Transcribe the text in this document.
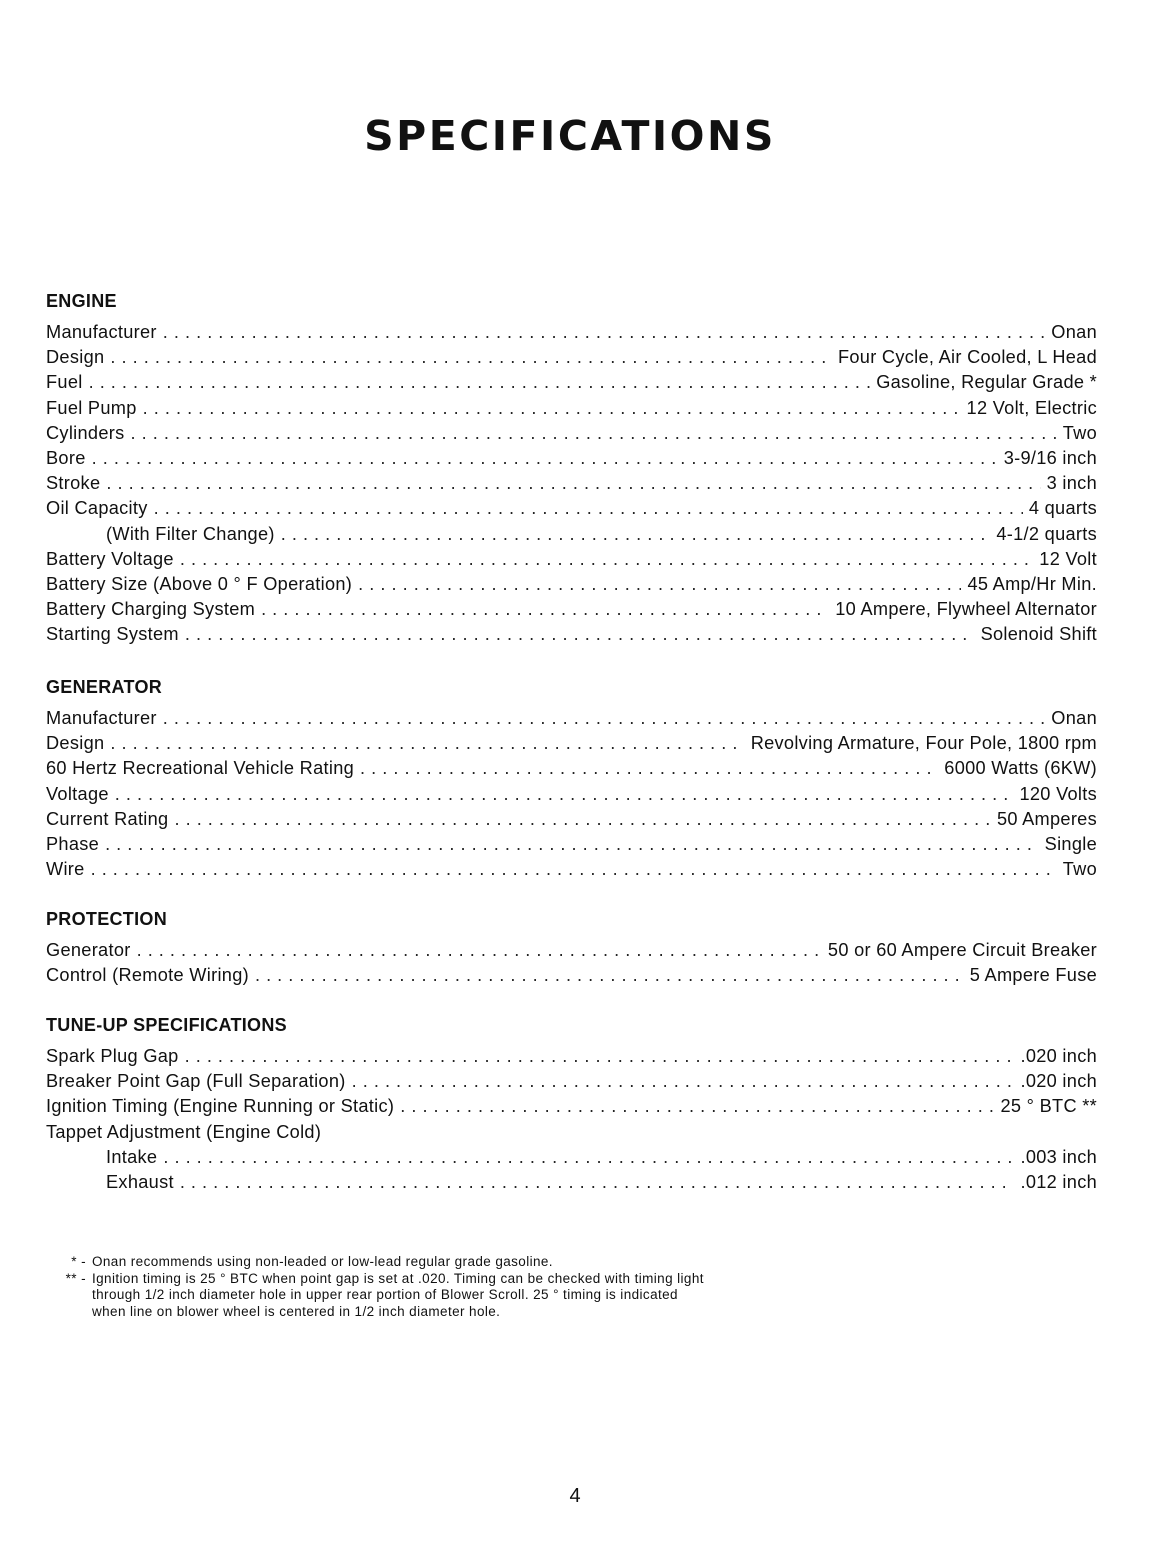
SPECIFICATIONS
ENGINE
Manufacturer . . .	Onan
Design . . .	Four Cycle, Air Cooled, L Head
Fuel . . .	Gasoline, Regular Grade *
Fuel Pump . . .	12 Volt, Electric
Cylinders . . .	Two
Bore . . .	3-9/16 inch
Stroke . . .	3 inch
Oil Capacity . . .	4 quarts
(With Filter Change) . . .	4-1/2 quarts
Battery Voltage . . .	12 Volt
Battery Size (Above 0 ° F Operation) . . .	45 Amp/Hr Min.
Battery Charging System . . .	10 Ampere, Flywheel Alternator
Starting System . . .	Solenoid Shift
GENERATOR
Manufacturer . . .	Onan
Design . . .	Revolving Armature, Four Pole, 1800 rpm
60 Hertz Recreational Vehicle Rating . . .	6000 Watts (6KW)
Voltage . . .	120 Volts
Current Rating . . .	50 Amperes
Phase . . .	Single
Wire . . .	Two
PROTECTION
Generator . . .	50 or 60 Ampere Circuit Breaker
Control (Remote Wiring) . . .	5 Ampere Fuse
TUNE-UP SPECIFICATIONS
Spark Plug Gap . . .	.020 inch
Breaker Point Gap (Full Separation) . . .	.020 inch
Ignition Timing (Engine Running or Static) . . .	25 ° BTC **
Tappet Adjustment (Engine Cold)
Intake . . .	.003 inch
Exhaust . . .	.012 inch
* - Onan recommends using non-leaded or low-lead regular grade gasoline.
** - Ignition timing is 25 ° BTC when point gap is set at .020. Timing can be checked with timing light
through 1/2 inch diameter hole in upper rear portion of Blower Scroll. 25 ° timing is indicated
when line on blower wheel is centered in 1/2 inch diameter hole.
4
